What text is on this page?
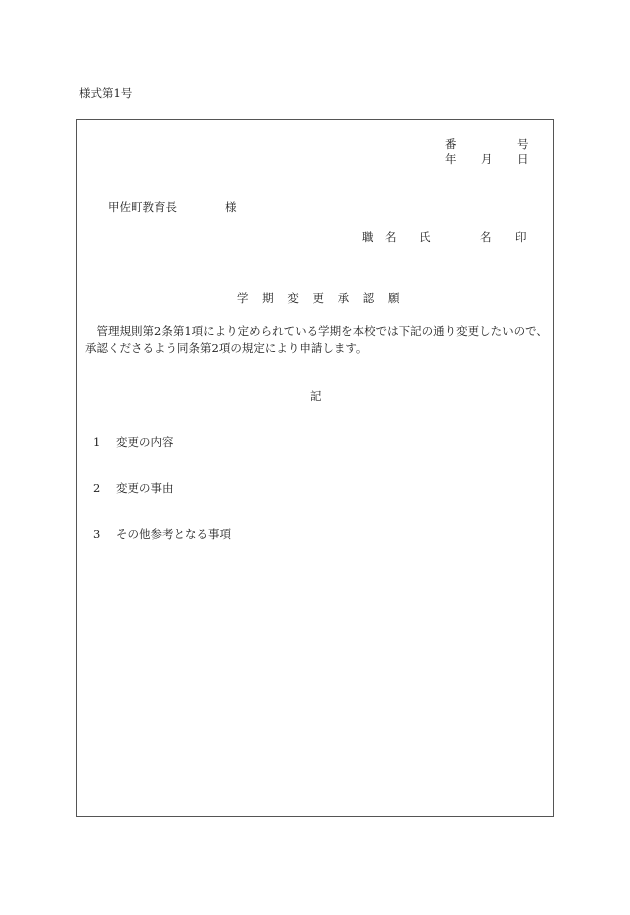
様式第1号
番	号
年 月 日
甲佐町教育長	様
職 名 氏	名 印
学 期 変 更 承 認 願
　管理規則第2条第1項により定められている学期を本校では下記の通り変更したいので、承認くださるよう同条第2項の規定により申請します。
記
1 変更の内容
2 変更の事由
3 その他参考となる事項
